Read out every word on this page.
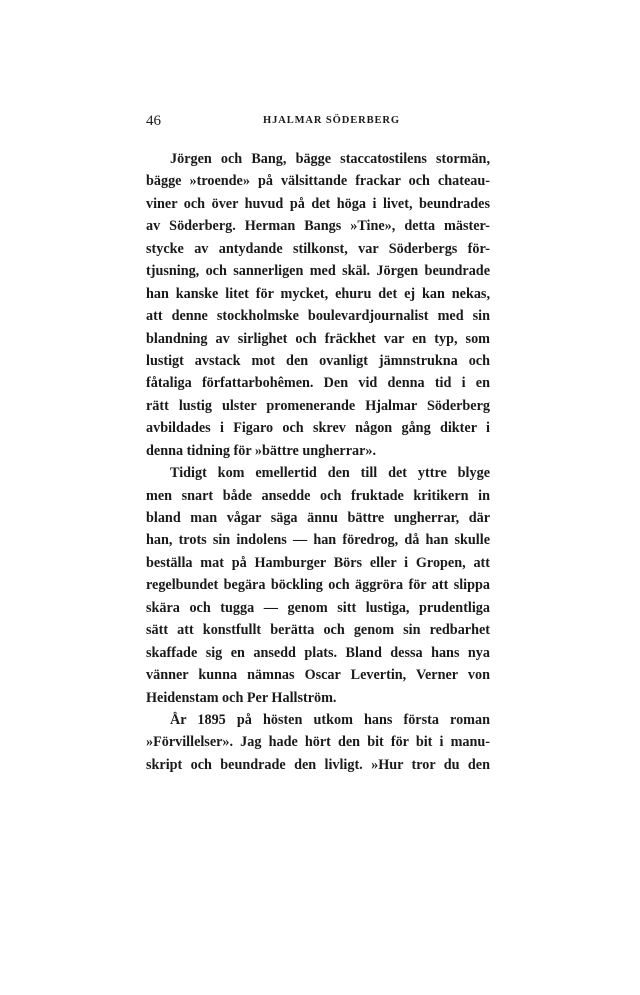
46	HJALMAR SÖDERBERG
Jörgen och Bang, bägge staccatostilens stormän,
bägge »troende» på välsittande frackar och chateau-
viner och över huvud på det höga i livet, beundrades
av Söderberg. Herman Bangs »Tine», detta mäster-
stycke av antydande stilkonst, var Söderbergs för-
tjusning, och sannerligen med skäl. Jörgen beundrade
han kanske litet för mycket, ehuru det ej kan nekas,
att denne stockholmske boulevardjournalist med sin
blandning av sirlighet och fräckhet var en typ, som
lustigt avstack mot den ovanligt jämnstrukna och
fåtaliga författarbohêmen. Den vid denna tid i en
rätt lustig ulster promenerande Hjalmar Söderberg
avbildades i Figaro och skrev någon gång dikter i
denna tidning för »bättre ungherrar».
Tidigt kom emellertid den till det yttre blyge
men snart både ansedde och fruktade kritikern in
bland man vågar säga ännu bättre ungherrar, där
han, trots sin indolens — han föredrog, då han skulle
beställa mat på Hamburger Börs eller i Gropen, att
regelbundet begära böckling och äggröra för att slippa
skära och tugga — genom sitt lustiga, prudentliga
sätt att konstfullt berätta och genom sin redbarhet
skaffade sig en ansedd plats. Bland dessa hans nya
vänner kunna nämnas Oscar Levertin, Verner von
Heidenstam och Per Hallström.
År 1895 på hösten utkom hans första roman
»Förvillelser». Jag hade hört den bit för bit i manu-
skript och beundrade den livligt. »Hur tror du den
